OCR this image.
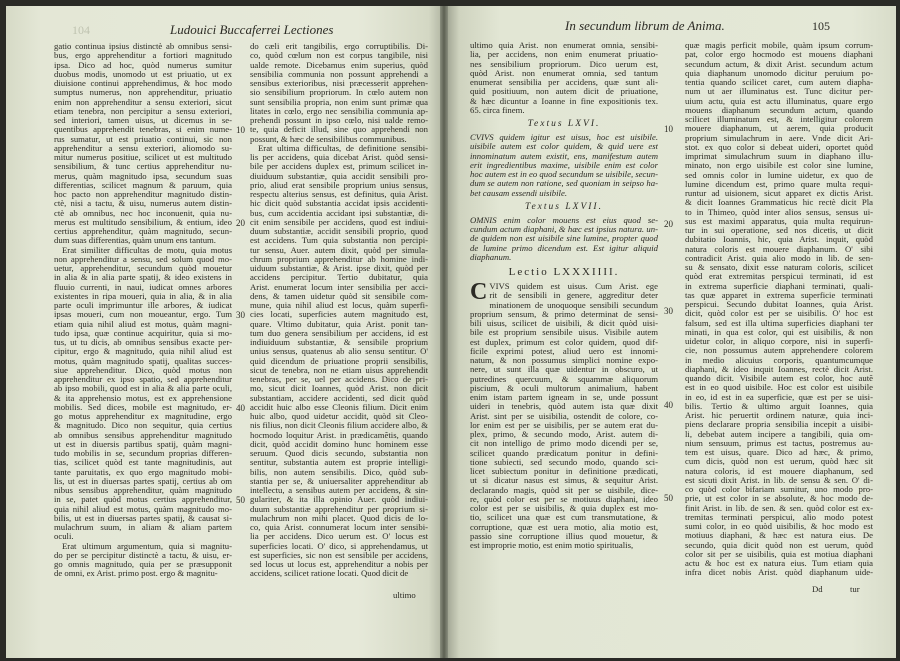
Ludouici Buccaferrei Lectiones
104	In secundum librum de Anima.	105
gatio continua ipsius distinctè ab omnibus sensi-
bus, ergo apprehenditur a fortiori magnitudo
ipsa. Dico ad hoc, quòd numerus sumitur
duobus modis, unomodo ut est priuatio, ut ex
diuisione continui apprehendimus, & hoc modo
sumptus numerus, non apprehenditur, priuatio
enim non apprehenditur a sensu exteriori, sicut
etiam tenebra, non percipitur a sensu exteriori,
sed interiori, tamen uisus, ut dicemus in se-
quentibus apprehendit tenebras, si enim nume-
rus sumatur, ut est priuatio continui, sic non
apprehenditur a sensu exteriori, aliomodo su-
mitur numerus positiue, scilicet ut est multitudo
sensibilium, & tunc certius apprehenditur nu-
merus, quàm magnitudo ipsa, secundum suas
differentias, scilicet magnum & paruum, quia
hoc pacto non apprehenditur magnitudo distin-
ctè, nisi a tactu, & uisu, numerus autem distin-
ctè ab omnibus, nec hoc inconuenit, quia nu-
merus est multitudo sensibilium, & entium, ideo
certius apprehenditur, quàm magnitudo, secun-
dum suas differentias, quàm unum ens tantum.
Erat similiter difficultas de motu, quia motus
non apprehenditur a sensu, sed solum quod mo-
uetur, apprehenditur, secundum quòd mouetur
in alia & in alia parte spatij, & ideo existens in
fluuio currenti, in naui, iudicat omnes arbores
existentes in ripa moueri, quia in alia, & in alia
parte oculi imprimuntur ille arbores, & iudicat
ipsas moueri, cum non moueantur, ergo. Tum
etiam quia nihil aliud est motus, quàm magni-
tudo ipsa, quæ continue acquiritur, quia si mo-
tus, ut tu dicis, ab omnibus sensibus exacte per-
cipitur, ergo & magnitudo, quia nihil aliud est
motus, quàm magnitudo spatij, qualitas succes-
siue apprehenditur. Dico, quòd motus non
apprehenditur ex ipso spatio, sed apprehenditur
ab ipso mobili, quod est in alia & alia parte oculi,
& ita apprehensio motus, est ex apprehensione
mobilis. Sed dices, mobile est magnitudo, er-
go motus apprehenditur ex magnitudine, ergo
& magnitudo. Dico non sequitur, quia certius
ab omnibus sensibus apprehenditur magnitudo
ut est in diuersis partibus spatij, quàm magni-
tudo mobilis in se, secundum proprias differen-
tias, scilicet quòd est tante magnitudinis, aut
tante paruitatis, ex quo ergo magnitudo mobi-
lis, ut est in diuersas partes spatij, certius ab om
nibus sensibus apprehenditur, quàm magnitudo
in se, patet quòd motus certius apprehenditur,
quia nihil aliud est motus, quàm magnitudo mo-
bilis, ut est in diuersas partes spatij, & causat si-
mulachrum suum, in aliam & aliam partem
oculi.
Erat ultimum argumentum, quia si magnitu-
do per se percipitur distinctè a tactu, & uisu, er-
go omnis magnitudo, quia per se præsupponit
de omni, ex Arist. primo post. ergo & magnitu-
do cæli erit tangibilis, ergo corruptibilis. Di-
co, quòd cœlum non est corpus tangibile, nisi
ualde remote. Dicebamus enim superius, quòd
sensibilia communia non possunt apprehendi a
sensibus exterioribus, nisi præcesserit apprehen-
sio sensibilium propriorum. In cœlo autem non
sunt sensibilia propria, non enim sunt primæ qua
litates in cœlo, ergo nec sensibilia communia ap-
prehendi possunt in ipso cœlo, nisi ualde remo-
te, quia deficit illud, sine quo apprehendi non
possunt, & hæc de sensibilibus communibus.
Erat ultima difficultas, de definitione sensibi-
lis per accidens, quia dicebat Arist. quòd sensi-
bile per accidens duplex est, primum scilicet in-
diuiduum substantiæ, quia accidit sensibili pro-
prio, aliud erat sensibile proprium unius sensus,
respectu alterius sensus, est definitus, quia Arist.
hic dicit quòd substantia accidat ipsis accidenti-
bus, cum accidentia accidant ipsi substantiæ, di-
cit enim sensibile per accidens, quod est indiui-
duum substantiæ, accidit sensibili proprio, quod
est accidens. Tum quia substantia non percipi-
tur sensu, Auer. autem dixit, quòd per simula-
chrum proprium apprehenditur ab homine indi-
uiduum substantiæ, & Arist. ipse dixit, quòd per
accidens percipitur. Tertio dubitatur, quia
Arist. enumerat locum inter sensibilia per acci-
dens, & tamen uidetur quòd sit sensibile com-
mune, quia nihil aliud est locus, quàm superfi-
cies locati, superficies autem magnitudo est,
quare. Vltimo dubitatur, quia Arist. ponit tan-
tum duo genera sensibilium per accidens, id est
indiuiduum substantiæ, & sensibile proprium
unius sensus, quatenus ab alio sensu sentitur. O'
quid dicendum de priuatione proprii sensibilis,
sicut de tenebra, non ne etiam uisus apprehendit
tenebras, per se, uel per accidens. Dico de pri-
mo, sicut dicit Ioannes, quòd Arist. non dicit
substantiam, accidere accidenti, sed dicit quòd
accidit huic albo esse Cleonis filium. Dicit enim
huic albo, quod uidetur accidit, quòd sit Cleo-
nis filius, non dicit Cleonis filium accidere albo, &
hocmodo loquitur Arist. in prædicamẽtis, quando
dicit, quòd accidit domino hunc hominem esse
seruum. Quod dicis secundo, substantia non
sentitur, substantia autem est proprie intelligi-
bilis, non autem sensibilis. Dico, quòd sub-
stantia per se, & uniuersaliter apprehenditur ab
intellectu, a sensibus autem per accidens, & sin-
gulariter, & ita illa opinio Auer. quòd indiui-
duum substantiæ apprehenditur per proprium si-
mulachrum non mihi placet. Quod dicis de lo-
co, quia Arist. connumerat locum inter sensibi-
lia per accidens. Dico uerum est. O' locus est
superficies locati. O' dico, si apprehendamus, ut
est superficies, sic non est sensibile per accidens,
sed locus ut locus est, apprehenditur a nobis per
accidens, scilicet ratione locati. Quod dicit de
ultimo
ultimo quia Arist. non enumerat omnia, sensibi-
lia, per accidens, non enim enumerat priuatio-
nes sensibilium propriorum. Dico uerum est,
quòd Arist. non enumerat omnia, sed tantum
enumerat sensibilia per accidens, quæ sunt ali-
quid positiuum, non autem dicit de priuatione,
& hæc dicuntur a Ioanne in fine expositionis tex.
65. circa finem.
Textus LXVI.
CVIVS quidem igitur est uisus, hoc est uisibile.
uisibile autem est color quidem, & quid uere est
innominatum autem existit, ens, manifestum autem
erit ingredientibus maxime, uisibile enim est color
hoc autem est in eo quod secundum se uisibile, secun-
dum se autem non ratione, sed quoniam in seipso ha-
bet causam essendi uisibile.
Textus LXVII.
OMNIS enim color mouens est eius quod se-
cundum actum diaphani, & hæc est ipsius natura. un-
de quidem non est uisibile sine lumine, propter quod
de lumine primo dicendum est. Est igitur aliquid
diaphanum.
Lectio LXXXIIII.
C VIVS quidem est uisus. Cum Arist. ege
rit de sensibili in genere, aggreditur deter
minationem de unoquoque sensibili secundum
proprium sensum, & primo determinat de sensi-
bili uisus, scilicet de uisibili, & dicit quòd uisi-
bile est proprium sensibile uisus. Visibile autem
est duplex, primum est color quidem, quod dif-
ficile exprimi potest, aliud uero est innomi-
natum, & non possumus simplici nomine expo-
nere, ut sunt illa quæ uidentur in obscuro, ut
putredines quercuum, & squammæ aliquorum
piscium, & oculi multorum animalium, habent
enim istam partem igneam in se, unde possunt
uideri in tenebris, quòd autem ista quæ dixit
Arist. sint per se uisibilia, ostendit de colore, co-
lor enim est per se uisibilis, per se autem erat du-
plex, primo, & secundo modo, Arist. autem di-
cit non intelligo de primo modo dicendi per se,
scilicet quando prædicatum ponitur in defini-
tione subiecti, sed secundo modo, quando sci-
licet subiectum ponitur in definitione prædicati,
ut si dicatur nasus est simus, & sequitur Arist.
declarando magis, quòd sit per se uisibile, dice-
re, quòd color est per se motiuus diaphani, ideo
color est per se uisibilis, & quia duplex est mo-
tio, scilicet una quæ est cum transmutatione, &
corruptione, quæ est uera motio, alia motio est,
passio sine corruptione illius quod mouetur, &
est improprie motio, est enim motio spiritualis,
quæ magis perficit mobile, quàm ipsum corrum-
pat, color ergo hocmodo est mouens diaphani
secundum actum, & dixit Arist. secundum actum
quia diaphanum unomodo dicitur peruium po-
tentia quando scilicet caret, cum autem diapha-
num ut aer illuminatus est. Tunc dicitur per-
uium actu, quia est actu illuminatus, quare ergo
mouens diaphanum secundum actum, quando
scilicet illuminatum est, & intelligitur colorem
mouere diaphanum, ut aerem, quia producit
proprium simulachrum in aere. Vnde dicit Ari-
stot. ex quo color si debeat uideri, oportet quòd
imprimat simulachrum suum in diaphano illu-
minato, non ergo uisibile est color sine lumine,
sed omnis color in lumine uidetur, ex quo de
lumine dicendum est, primo quare multa requi-
runtur ad uisionem, sicut apparet ex dictis Arist.
& dicit Ioannes Grammaticus hic rectè dicit Pla
to in Thimeo, quòd inter alios sensus, sensus ui-
sus est maximi apparatus, quia multa requirun-
tur in sui operatione, sed nos dicetis, ut dicit
dubitatio Ioannis, hic, quia Arist. inquit, quòd
natura coloris est mouere diaphanum. O' sibi
contradicit Arist. quia alio modo in lib. de sen-
su & sensato, dixit esse naturam coloris, scilicet
quòd erat extremitas perspicui terminati, id est
in extrema superficie diaphani terminati, quali-
tas quæ apparet in extrema superficie terminati
perspicui. Secundo dubitat Ioannes, quia Arist.
dicit, quòd color est per se uisibilis. O' hoc est
falsum, sed est illa ultima superficies diaphani ter
minati, in qua est color, qui est uisibilis, & non
uidetur color, in aliquo corpore, nisi in superfi-
cie, non possumus autem apprehendere colorem
in medio alicuius corporis, quantumcumque
diaphani, & ideo inquit Ioannes, rectè dicit Arist.
quando dicit. Visibile autem est color, hoc autẽ
est in eo quod uisibile. Hoc est color est uisibile
in eo, id est in ea superficie, quæ est per se uisi-
bilis. Tertio & ultimo arguit Ioannes, quia
Arist. hic peruertit ordinem naturæ, quia inci-
piens declarare propria sensibilia incepit a uisibi-
li, debebat autem incipere a tangibili, quia om-
nium sensuum, primus est tactus, postremus au-
tem est uisus, quare. Dico ad hæc, & primo,
cum dicis, quòd non est uerum, quòd hæc sit
natura coloris, id est mouere diaphanum, sed
est sicuti dixit Arist. in lib. de sensu & sen. O' di-
co quòd color bifariam sumitur, uno modo pro-
prie, ut est color in se absolute, & hoc modo de-
finit Arist. in lib. de sen. & sen. quòd color est ex-
tremitas terminati perspicui, alio modo potest
sumi color, in eo quòd uisibilis, & hoc modo est
motiuus diaphani, & hæc est natura eius. De
secundo, quia dicit quòd non est uerum, quòd
color sit per se uisibilis, quia est motiua diaphani
actu & hoc est ex natura eius. Tum etiam quia
infra dicet nobis Arist. quòd diaphanum uide-
Dd	tur
10
20
30
40
50
10
20
30
40
50
